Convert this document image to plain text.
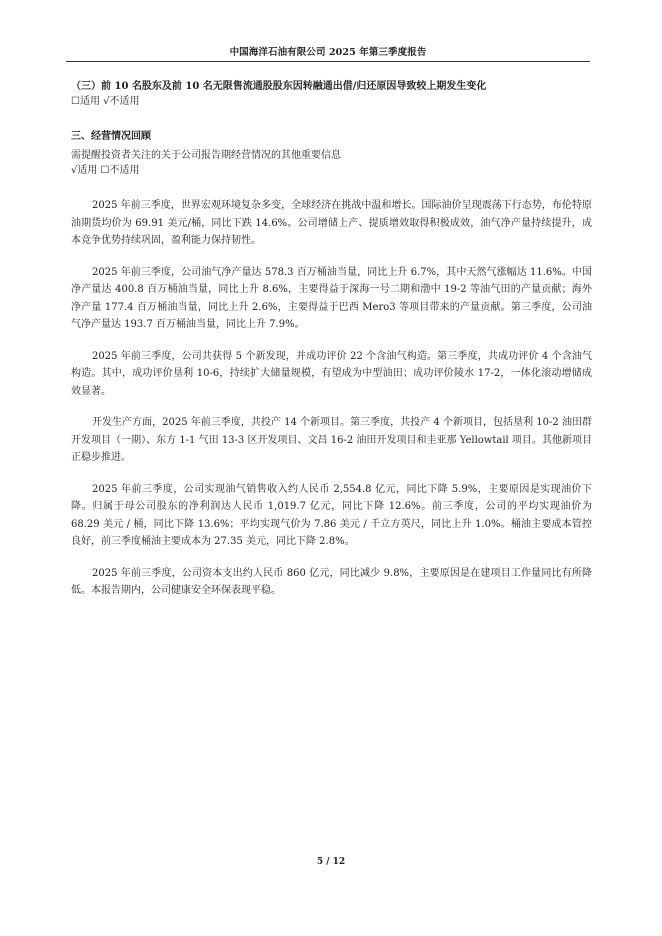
中国海洋石油有限公司 2025 年第三季度报告

（三）前 10 名股东及前 10 名无限售流通股股东因转融通出借/归还原因导致较上期发生变化

☐适用 √不适用

三、经营情况回顾

需提醒投资者关注的关于公司报告期经营情况的其他重要信息

√适用 ☐不适用

2025 年前三季度，世界宏观环境复杂多变，全球经济在挑战中温和增长。国际油价呈现震荡下行态势，布伦特原油期货均价为 69.91 美元/桶，同比下跌 14.6%。公司增储上产、提质增效取得积极成效，油气净产量持续提升，成本竞争优势持续巩固，盈利能力保持韧性。

2025 年前三季度，公司油气净产量达 578.3 百万桶油当量，同比上升 6.7%，其中天然气涨幅达 11.6%。中国净产量达 400.8 百万桶油当量，同比上升 8.6%，主要得益于深海一号二期和渤中 19-2 等油气田的产量贡献；海外净产量 177.4 百万桶油当量，同比上升 2.6%，主要得益于巴西 Mero3 等项目带来的产量贡献。第三季度，公司油气净产量达 193.7 百万桶油当量，同比上升 7.9%。

2025 年前三季度，公司共获得 5 个新发现，并成功评价 22 个含油气构造。第三季度，共成功评价 4 个含油气构造。其中，成功评价垦利 10-6，持续扩大储量规模，有望成为中型油田；成功评价陵水 17-2，一体化滚动增储成效显著。

开发生产方面，2025 年前三季度，共投产 14 个新项目。第三季度，共投产 4 个新项目，包括垦利 10-2 油田群开发项目（一期）、东方 1-1 气田 13-3 区开发项目、文昌 16-2 油田开发项目和圭亚那 Yellowtail 项目。其他新项目正稳步推进。

2025 年前三季度，公司实现油气销售收入约人民币 2,554.8 亿元，同比下降 5.9%，主要原因是实现油价下降。归属于母公司股东的净利润达人民币 1,019.7 亿元，同比下降 12.6%。前三季度，公司的平均实现油价为 68.29 美元 / 桶，同比下降 13.6%；平均实现气价为 7.86 美元 / 千立方英尺，同比上升 1.0%。桶油主要成本管控良好，前三季度桶油主要成本为 27.35 美元，同比下降 2.8%。

2025 年前三季度，公司资本支出约人民币 860 亿元，同比减少 9.8%，主要原因是在建项目工作量同比有所降低。本报告期内，公司健康安全环保表现平稳。

5 / 12
